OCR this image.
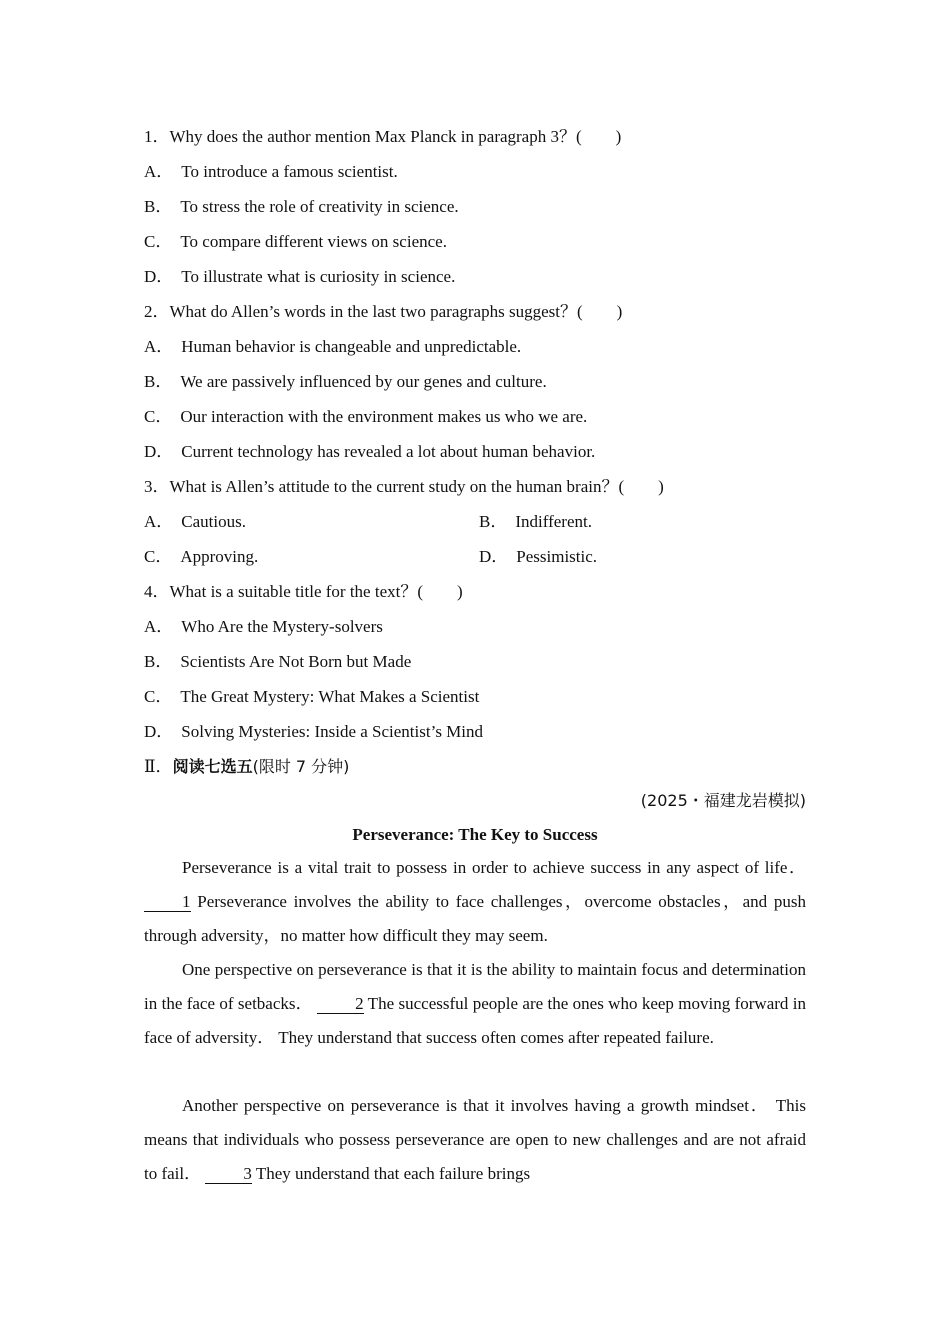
1．Why does the author mention Max Planck in paragraph 3？(　　)
A． To introduce a famous scientist.
B． To stress the role of creativity in science.
C． To compare different views on science.
D． To illustrate what is curiosity in science.
2．What do Allen’s words in the last two paragraphs suggest？(　　)
A． Human behavior is changeable and unpredictable.
B． We are passively influenced by our genes and culture.
C． Our interaction with the environment makes us who we are.
D． Current technology has revealed a lot about human behavior.
3．What is Allen’s attitude to the current study on the human brain？(　　)
A． Cautious.	B． Indifferent.
C． Approving.	D． Pessimistic.
4．What is a suitable title for the text？(　　)
A． Who Are the Mystery-solvers
B． Scientists Are Not Born but Made
C． The Great Mystery: What Makes a Scientist
D． Solving Mysteries: Inside a Scientist’s Mind
Ⅱ．阅读七选五(限时 7 分钟)
(2025・福建龙岩模拟)
Perseverance: The Key to Success
Perseverance is a vital trait to possess in order to achieve success in any aspect of life． 1 Perseverance involves the ability to face challenges，overcome obstacles，and push through adversity，no matter how difficult they may seem.
One perspective on perseverance is that it is the ability to maintain focus and determination in the face of setbacks． 2 The successful people are the ones who keep moving forward in face of adversity． They understand that success often comes after repeated failure.
Another perspective on perseverance is that it involves having a growth mindset． This means that individuals who possess perseverance are open to new challenges and are not afraid to fail． 3 They understand that each failure brings
